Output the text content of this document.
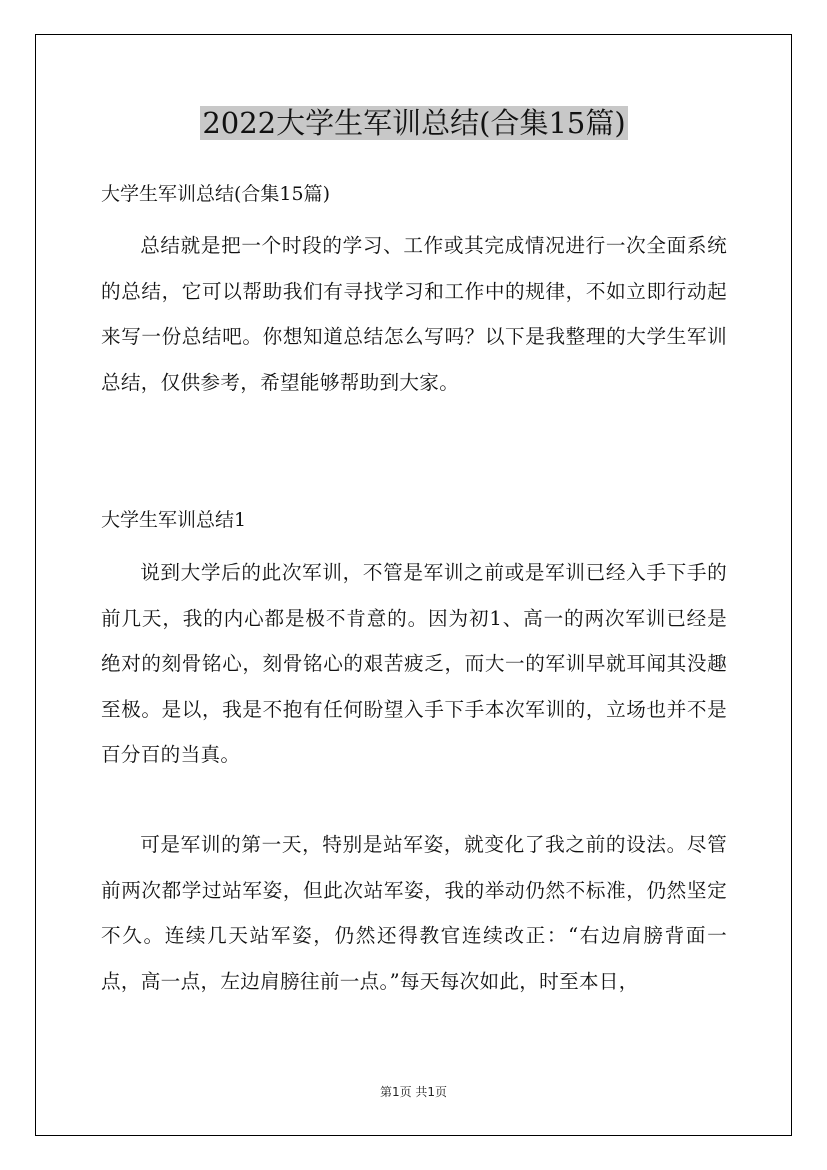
2022大学生军训总结(合集15篇)
大学生军训总结(合集15篇)

总结就是把一个时段的学习、工作或其完成情况进行一次全面系统的总结，它可以帮助我们有寻找学习和工作中的规律，不如立即行动起来写一份总结吧。你想知道总结怎么写吗？以下是我整理的大学生军训总结，仅供参考，希望能够帮助到大家。

大学生军训总结1

说到大学后的此次军训，不管是军训之前或是军训已经入手下手的前几天，我的内心都是极不肯意的。因为初1、高一的两次军训已经是绝对的刻骨铭心，刻骨铭心的艰苦疲乏，而大一的军训早就耳闻其没趣至极。是以，我是不抱有任何盼望入手下手本次军训的，立场也并不是百分百的当真。

可是军训的第一天，特别是站军姿，就变化了我之前的设法。尽管前两次都学过站军姿，但此次站军姿，我的举动仍然不标准，仍然坚定不久。连续几天站军姿，仍然还得教官连续改正：“右边肩膀背面一点，高一点，左边肩膀往前一点。”每天每次如此，时至本日，

第1页 共1页
